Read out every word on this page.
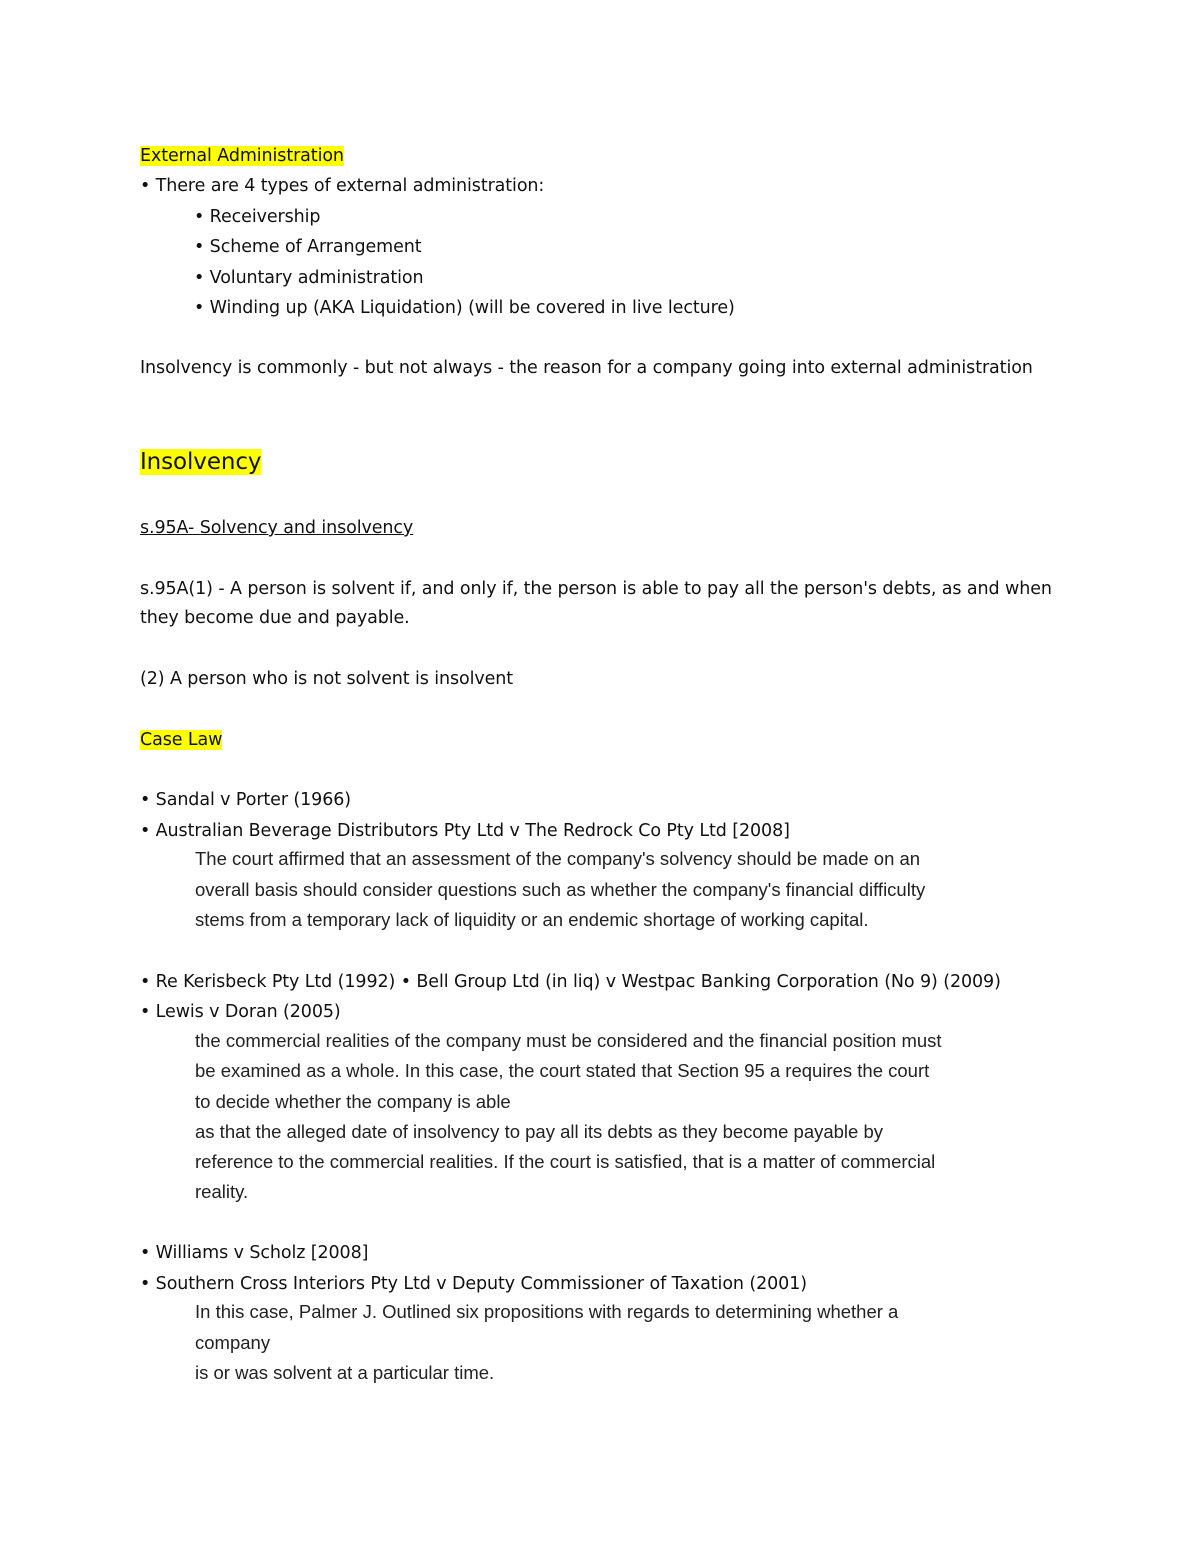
External Administration
• There are 4 types of external administration:
• Receivership
• Scheme of Arrangement
• Voluntary administration
• Winding up (AKA Liquidation) (will be covered in live lecture)
Insolvency is commonly - but not always - the reason for a company going into external administration
Insolvency
s.95A- Solvency and insolvency
s.95A(1) - A person is solvent if, and only if, the person is able to pay all the person's debts, as and when
they become due and payable.
(2) A person who is not solvent is insolvent
Case Law
• Sandal v Porter (1966)
• Australian Beverage Distributors Pty Ltd v The Redrock Co Pty Ltd [2008]
The court affirmed that an assessment of the company's solvency should be made on an
overall basis should consider questions such as whether the company's financial difficulty
stems from a temporary lack of liquidity or an endemic shortage of working capital.
• Re Kerisbeck Pty Ltd (1992) • Bell Group Ltd (in liq) v Westpac Banking Corporation (No 9) (2009)
• Lewis v Doran (2005)
the commercial realities of the company must be considered and the financial position must
be examined as a whole. In this case, the court stated that Section 95 a requires the court
to decide whether the company is able
as that the alleged date of insolvency to pay all its debts as they become payable by
reference to the commercial realities. If the court is satisfied, that is a matter of commercial
reality.
• Williams v Scholz [2008]
• Southern Cross Interiors Pty Ltd v Deputy Commissioner of Taxation (2001)
In this case, Palmer J. Outlined six propositions with regards to determining whether a
company
is or was solvent at a particular time.
